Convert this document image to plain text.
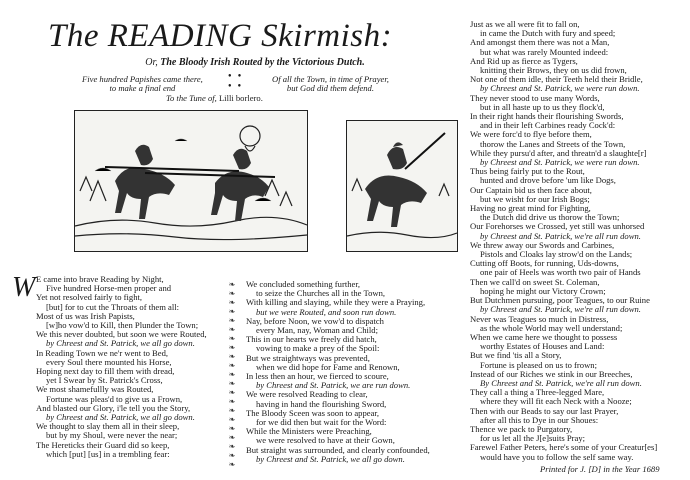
The READING Skirmish:
Or, The Bloody Irish Routed by the Victorious Dutch.
Five hundred Papishes came there,
to make a final end	⸬	Of all the Town, in time of Prayer,
but God did them defend.
To the Tune of, Lilli borlero.
W E came into brave Reading by Night,
Five hundred Horse-men proper and
Yet not resolved fairly to fight,
[but] for to cut the Throats of them all:
Most of us was Irish Papists,
[w]ho vow'd to Kill, then Plunder the Town;
We this never doubted, but soon we were Routed,
by Chreest and St. Patrick, we all go down.
In Reading Town we ne'r went to Bed,
every Soul there mounted his Horse,
Hoping next day to fill them with dread,
yet I Swear by St. Patrick's Cross,
We most shamefullly was Routed,
Fortune was pleas'd to give us a Frown,
And blasted our Glory, i'le tell you the Story,
by Chreest and St. Patrick, we all go down.
We thought to slay them all in their sleep,
but by my Shoul, were never the near;
The Hereticks their Guard did so keep,
which [put] [us] in a trembling fear:
❧
❧
❧
❧
❧
❧
❧
❧
❧
❧
❧
❧
❧
❧
❧
❧
❧
❧
❧
❧
❧
We concluded something further,
to seize the Churches all in the Town,
With killing and slaying, while they were a Praying,
but we were Routed, and soon run down.
Nay, before Noon, we vow'd to dispatch
every Man, nay, Woman and Child;
This in our hearts we freely did hatch,
vowing to make a prey of the Spoil:
But we straightways was prevented,
when we did hope for Fame and Renown,
In less then an hour, we fierced to scoure,
by Chreest and St. Patrick, we are run down.
We were resolved Reading to clear,
having in hand the flourishing Sword,
The Bloody Sceen was soon to appear,
for we did then but wait for the Word:
While the Ministers were Preaching,
we were resolved to have at their Gown,
But straight was surrounded, and clearly confounded,
by Chreest and St. Patrick, we all go down.
Just as we all were fit to fall on,
in came the Dutch with fury and speed;
And amongst them there was not a Man,
but what was rarely Mounted indeed:
And Rid up as fierce as Tygers,
knitting their Brows, they on us did frown,
Not one of them idle, their Teeth held their Bridle,
by Chreest and St. Patrick, we were run down.
They never stood to use many Words,
but in all haste up to us they flock'd,
In their right hands their flourishing Swords,
and in their left Carbines ready Cock'd:
We were forc'd to flye before them,
thorow the Lanes and Streets of the Town,
While they pursu'd after, and threatn'd a slaughte[r]
by Chreest and St. Patrick, we were run down.
Thus being fairly put to the Rout,
hunted and drove before 'um like Dogs,
Our Captain bid us then face about,
but we wisht for our Irish Bogs;
Having no great mind for Fighting,
the Dutch did drive us thorow the Town;
Our Forehorses we Crossed, yet still was unhorsed
by Chreest and St. Patrick, we're all run down.
We threw away our Swords and Carbines,
Pistols and Cloaks lay strow'd on the Lands;
Cutting off Boots, for running, Uds-downs,
one pair of Heels was worth two pair of Hands
Then we call'd on sweet St. Coleman,
hoping he might our Victory Crown;
But Dutchmen pursuing, poor Teagues, to our Ruine
by Chreest and St. Patrick, we're all run down.
Never was Teagues so much in Distress,
as the whole World may well understand;
When we came here we thought to possess
worthy Estates of Houses and Land:
But we find 'tis all a Story,
Fortune is pleased on us to frown;
Instead of our Riches we stink in our Breeches,
By Chreest and St. Patrick, we're all run down.
They call a thing a Three-legged Mare,
where they will fit each Neck with a Nooze;
Then with our Beads to say our last Prayer,
after all this to Dye in our Shoues:
Thence we pack to Purgatory,
for us let all the J[e]suits Pray;
Farewel Father Peters, here's some of your Creatur[es]
would have you to follow the self same way.
Printed for J. [D] in the Year 1689
